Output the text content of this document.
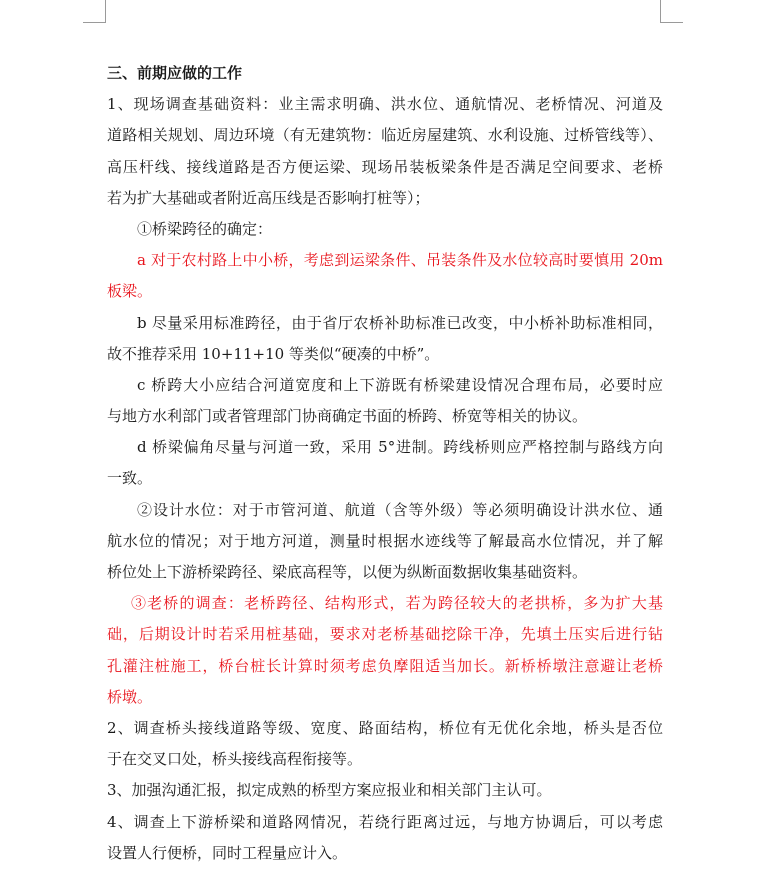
三、前期应做的工作
1、现场调查基础资料：业主需求明确、洪水位、通航情况、老桥情况、河道及
道路相关规划、周边环境（有无建筑物：临近房屋建筑、水利设施、过桥管线等）、
高压杆线、接线道路是否方便运梁、现场吊装板梁条件是否满足空间要求、老桥
若为扩大基础或者附近高压线是否影响打桩等）；
①桥梁跨径的确定：
a 对于农村路上中小桥，考虑到运梁条件、吊装条件及水位较高时要慎用 20m
板梁。
b 尽量采用标准跨径，由于省厅农桥补助标准已改变，中小桥补助标准相同，
故不推荐采用 10+11+10 等类似“硬凑的中桥”。
c 桥跨大小应结合河道宽度和上下游既有桥梁建设情况合理布局，必要时应
与地方水利部门或者管理部门协商确定书面的桥跨、桥宽等相关的协议。
d 桥梁偏角尽量与河道一致，采用 5°进制。跨线桥则应严格控制与路线方向
一致。
②设计水位：对于市管河道、航道（含等外级）等必须明确设计洪水位、通
航水位的情况；对于地方河道，测量时根据水迹线等了解最高水位情况，并了解
桥位处上下游桥梁跨径、梁底高程等，以便为纵断面数据收集基础资料。
③老桥的调查：老桥跨径、结构形式，若为跨径较大的老拱桥，多为扩大基
础，后期设计时若采用桩基础，要求对老桥基础挖除干净，先填土压实后进行钻
孔灌注桩施工，桥台桩长计算时须考虑负摩阻适当加长。新桥桥墩注意避让老桥
桥墩。
2、调查桥头接线道路等级、宽度、路面结构，桥位有无优化余地，桥头是否位
于在交叉口处，桥头接线高程衔接等。
3、加强沟通汇报，拟定成熟的桥型方案应报业和相关部门主认可。
4、调查上下游桥梁和道路网情况，若绕行距离过远，与地方协调后，可以考虑
设置人行便桥，同时工程量应计入。
